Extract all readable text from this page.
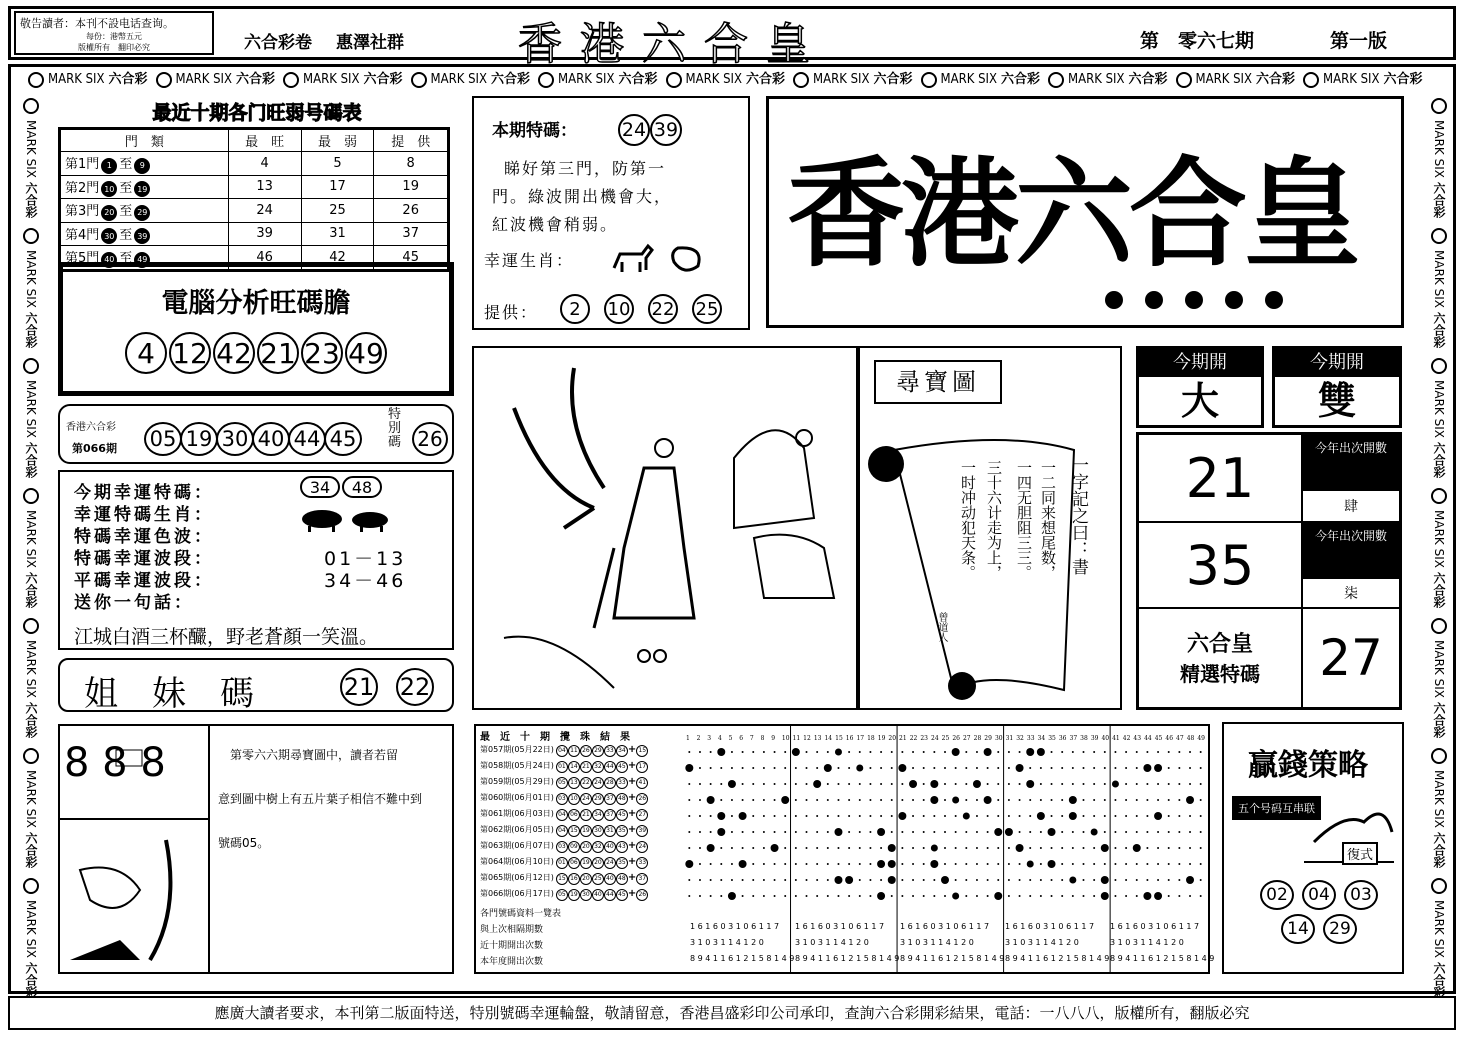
敬告讀者：本刊不設电话查询。
每份：港幣五元
版權所有　翻印必究	六合彩卷 惠澤社群	香港六合皇	第　零六七期	第一版
MARK SIX 六合彩 MARK SIX 六合彩 MARK SIX 六合彩 MARK SIX 六合彩 MARK SIX 六合彩 MARK SIX 六合彩 MARK SIX 六合彩 MARK SIX 六合彩 MARK SIX 六合彩 MARK SIX 六合彩 MARK SIX 六合彩
MARK SIX六合彩MARK SIX六合彩MARK SIX六合彩MARK SIX六合彩MARK SIX六合彩MARK SIX六合彩MARK SIX六合彩
MARK SIX六合彩MARK SIX六合彩MARK SIX六合彩MARK SIX六合彩MARK SIX六合彩MARK SIX六合彩MARK SIX六合彩
最近十期各门旺弱号碼表
門　類	最　旺	最　弱	提　供
第1門 1 至 9	4	5	8
第2門 10 至 19	13	17	19
第3門 20 至 29	24	25	26
第4門 30 至 39	39	31	37
第5門 40 至 49	46	42	45
電腦分析旺碼膽
4 12 42 21 23 49
香港六合彩
第066期 05 19 30 40 44 45
特別碼 26
今期幸運特碼：
幸運特碼生肖：
特碼幸運色波：
特碼幸運波段：	01－13
平碼幸運波段：	34－46
送你一句話：
34	48
江城白酒三杯釅，野老蒼顏一笑溫。
姐　妹　碼	21 22
8 8 8	第零六六期尋寶圖中，讀者若留
意到圖中樹上有五片葉子相信不難中到
號碼05。
本期特碼： 24 39
睇好第三門，防第一
門。綠波開出機會大，
紅波機會稍弱。
幸運生肖：
提供：	2	10 22 25
香港六合皇
尋寶圖
一字記之曰：書
一二同来想尾数，
一四无胆阻三三。
三十六计走为上，
一时冲动犯天条。
曾道人
今期開
大
今期開
雙
21	今年出次開數
肆
35	今年出次開數
柒
六合皇
精選特碼	27
最　近　十　期　攪　珠　結　果
第057期(05月22日) 04 11 26 29 33 34 + 15
第058期(05月24日) 01 14 21 32 44 45 + 17
第059期(05月29日) 05 13 22 24 28 33 + 41
第060期(06月01日) 03 10 24 29 37 48 + 26
第061期(06月03日) 04 06 21 34 37 45 + 27
第062期(06月05日) 04 15 19 30 31 35 + 39
第063期(06月07日) 03 09 20 32 40 43 + 24
第064期(06月10日) 01 06 19 20 24 35 + 33
第065期(06月12日) 15 16 20 25 40 48 + 37
第066期(06月17日) 05 19 30 40 44 45 + 26
各門號碼資料一覽表
與上次相隔期數	1 6 1 6 0 3 1 0 6 1 1 7 1 6 1 6 0 3 1 0 6 1 1 7 1 6 1 6 0 3 1 0 6 1 1 7 1 6 1 6 0 3 1 0 6 1 1 7 1 6 1 6 0 3 1 0 6 1 1 7
近十期開出次數	3 1 0 3 1 1 4 1 2 0	3 1 0 3 1 1 4 1 2 0	3 1 0 3 1 1 4 1 2 0	3 1 0 3 1 1 4 1 2 0	3 1 0 3 1 1 4 1 2 0
本年度開出次數	8 9 4 1 1 6 1 2 1 5 8 1 4 9 8 9 4 1 1 6 1 2 1 5 8 1 4 9 8 9 4 1 1 6 1 2 1 5 8 1 4 9 8 9 4 1 1 6 1 2 1 5 8 1 4 9 8 9 4 1 1 6 1 2 1 5 8 1 4 9
1 2 3 4 5 6 7 8 9 10 11 12 13 14 15 16 17 18 19 20 21 22 23 24 25 26 27 28 29 30 31 32 33 34 35 36 37 38 39 40 41 42 43 44 45 46 47 48 49
贏錢策略
五个号码互串联
復式
02	04	03
14	29
應廣大讀者要求，本刊第二版面特送，特別號碼幸運輪盤，敬請留意，香港昌盛彩印公司承印，查詢六合彩開彩結果，電話：一八八八，版權所有，翻版必究
